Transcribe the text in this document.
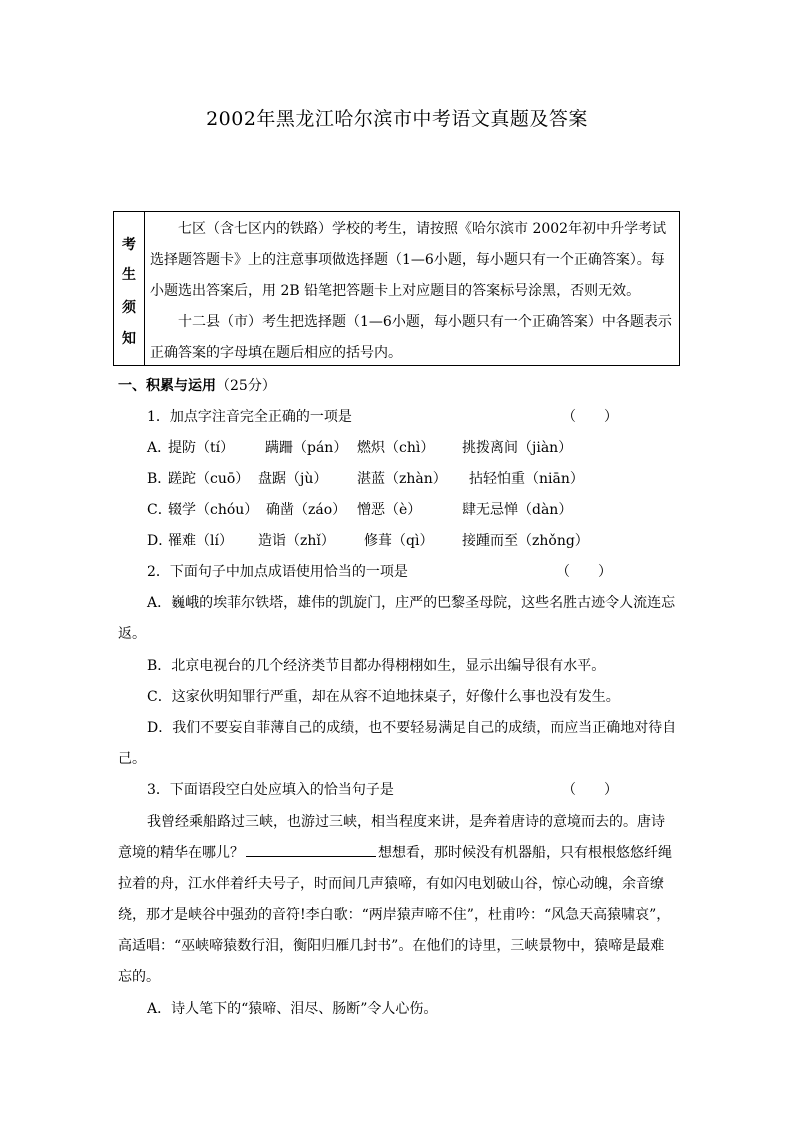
2002年黑龙江哈尔滨市中考语文真题及答案
考
生
须
知
七区（含七区内的铁路）学校的考生，请按照《哈尔滨市 2002年初中升学考试
选择题答题卡》上的注意事项做选择题（1—6小题，每小题只有一个正确答案）。每
小题选出答案后，用 2B 铅笔把答题卡上对应题目的答案标号涂黑，否则无效。
十二县（市）考生把选择题（1—6小题，每小题只有一个正确答案）中各题表示
正确答案的字母填在题后相应的括号内。
一、积累与运用（25分）
1．加点字注音完全正确的一项是	（　　）
A．
提防（tí） 蹒跚（pán） 燃炽（chì） 挑拨离间（jiàn）
B．
蹉跎（cuō） 盘踞（jù） 湛蓝（zhàn） 拈轻怕重（niān）
C．
辍学（chóu） 确凿（záo） 憎恶（è）	肆无忌惮（dàn）
D．
罹难（lí） 造诣（zhǐ） 修葺（qì） 接踵而至（zhǒng）
2．下面句子中加点成语使用恰当的一项是	（　　）
A．巍峨的埃菲尔铁塔，雄伟的凯旋门，庄严的巴黎圣母院，这些名胜古迹令人流连忘
返。
B．北京电视台的几个经济类节目都办得栩栩如生，显示出编导很有水平。
C．这家伙明知罪行严重，却在从容不迫地抹桌子，好像什么事也没有发生。
D．我们不要妄自菲薄自己的成绩，也不要轻易满足自己的成绩，而应当正确地对待自
己。
3．下面语段空白处应填入的恰当句子是	（　　）
我曾经乘船路过三峡，也游过三峡，相当程度来讲，是奔着唐诗的意境而去的。唐诗
意境的精华在哪儿？	想想看，那时候没有机器船，只有根根悠悠纤绳
拉着的舟，江水伴着纤夫号子，时而间几声猿啼，有如闪电划破山谷，惊心动魄，余音缭
绕，那才是峡谷中强劲的音符!李白歌：“两岸猿声啼不住”，杜甫吟：“风急天高猿啸哀”，
高适唱：“巫峡啼猿数行泪，衡阳归雁几封书”。在他们的诗里，三峡景物中，猿啼是最难
忘的。
A．诗人笔下的“猿啼、泪尽、肠断”令人心伤。
